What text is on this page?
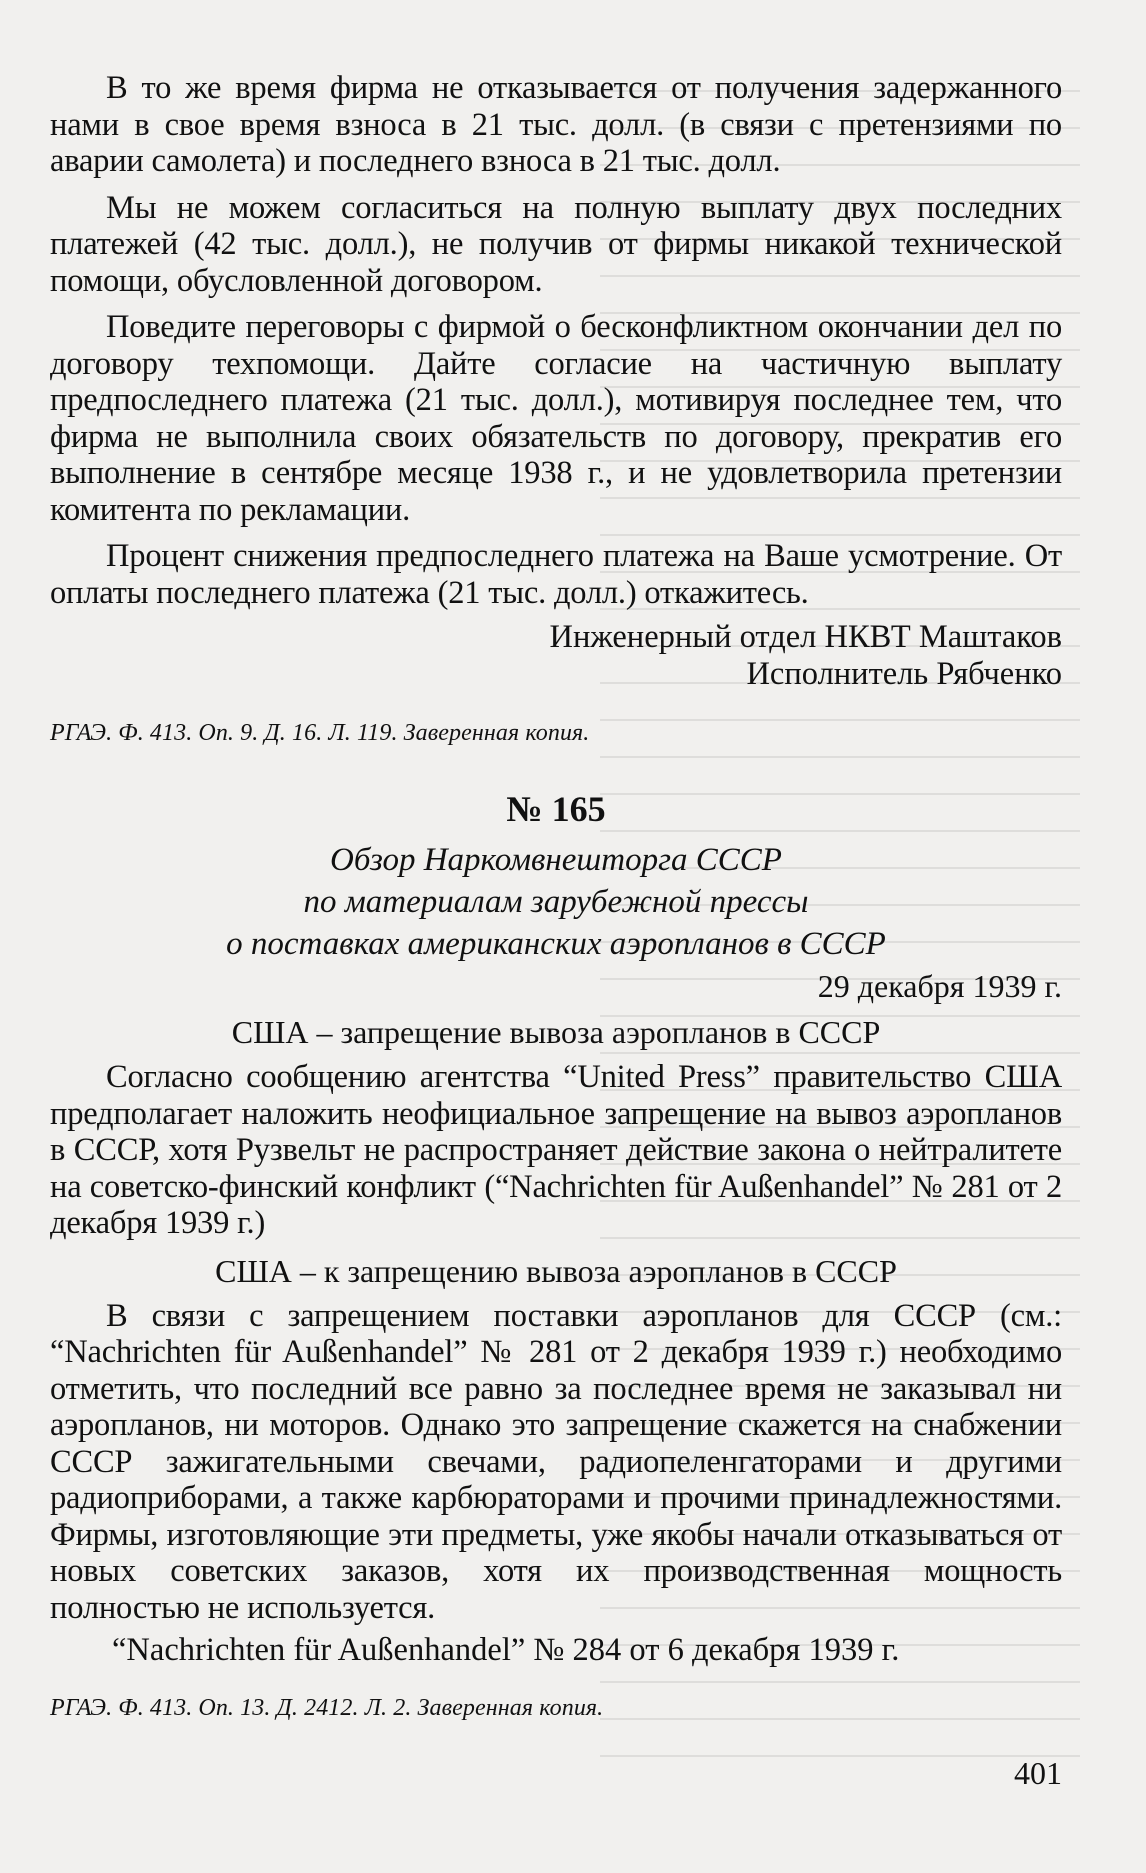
В то же время фирма не отказывается от получения задержанного нами в свое время взноса в 21 тыс. долл. (в связи с претензиями по аварии самолета) и последнего взноса в 21 тыс. долл.

Мы не можем согласиться на полную выплату двух последних платежей (42 тыс. долл.), не получив от фирмы никакой технической помощи, обусловленной договором.

Поведите переговоры с фирмой о бесконфликтном окончании дел по договору техпомощи. Дайте согласие на частичную выплату предпоследнего платежа (21 тыс. долл.), мотивируя последнее тем, что фирма не выполнила своих обязательств по договору, прекратив его выполнение в сентябре месяце 1938 г., и не удовлетворила претензии комитента по рекламации.

Процент снижения предпоследнего платежа на Ваше усмотрение. От оплаты последнего платежа (21 тыс. долл.) откажитесь.

Инженерный отдел НКВТ Маштаков

Исполнитель Рябченко

РГАЭ. Ф. 413. Оп. 9. Д. 16. Л. 119. Заверенная копия.

№ 165

Обзор Наркомвнешторга СССР

по материалам зарубежной прессы

о поставках американских аэропланов в СССР

29 декабря 1939 г.

США – запрещение вывоза аэропланов в СССР

Согласно сообщению агентства “United Press” правительство США предполагает наложить неофициальное запрещение на вывоз аэропланов в СССР, хотя Рузвельт не распространяет действие закона о нейтралитете на советско-финский конфликт (“Nachrichten für Außenhandel” № 281 от 2 декабря 1939 г.)

США – к запрещению вывоза аэропланов в СССР

В связи с запрещением поставки аэропланов для СССР (см.: “Nachrichten für Außenhandel” № 281 от 2 декабря 1939 г.) необходимо отметить, что последний все равно за последнее время не заказывал ни аэропланов, ни моторов. Однако это запрещение скажется на снабжении СССР зажигательными свечами, радиопеленгаторами и другими радиоприборами, а также карбюраторами и прочими принадлежностями. Фирмы, изготовляющие эти предметы, уже якобы начали отказываться от новых советских заказов, хотя их производственная мощность полностью не используется.

“Nachrichten für Außenhandel” № 284 от 6 декабря 1939 г.

РГАЭ. Ф. 413. Оп. 13. Д. 2412. Л. 2. Заверенная копия.

401
